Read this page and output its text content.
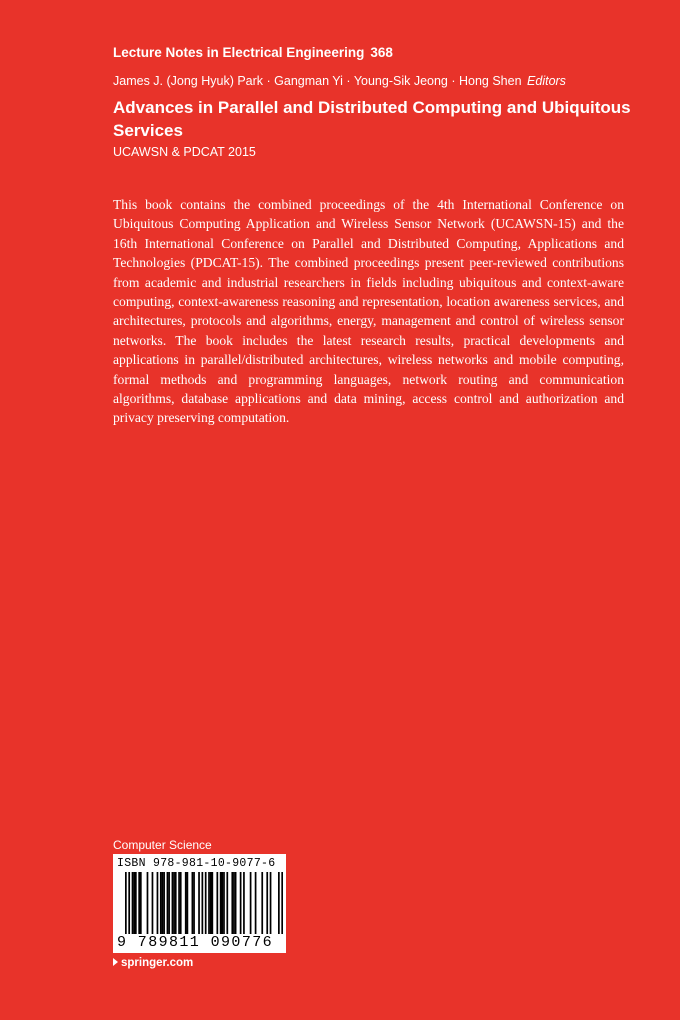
Lecture Notes in Electrical Engineering 368
James J. (Jong Hyuk) Park · Gangman Yi · Young-Sik Jeong · Hong Shen Editors
Advances in Parallel and Distributed Computing and Ubiquitous Services
UCAWSN & PDCAT 2015

This book contains the combined proceedings of the 4th International Conference on Ubiquitous Computing Application and Wireless Sensor Network (UCAWSN-15) and the 16th International Conference on Parallel and Distributed Computing, Applications and Technologies (PDCAT-15). The combined proceedings present peer-reviewed contributions from academic and industrial researchers in fields including ubiquitous and context-aware computing, context-awareness reasoning and representation, location awareness services, and architectures, protocols and algorithms, energy, management and control of wireless sensor networks. The book includes the latest research results, practical developments and applications in parallel/distributed architectures, wireless networks and mobile computing, formal methods and programming languages, network routing and communication algorithms, database applications and data mining, access control and authorization and privacy preserving computation.

Computer Science
ISBN 978-981-10-9077-6
9 789811 090776
springer.com
